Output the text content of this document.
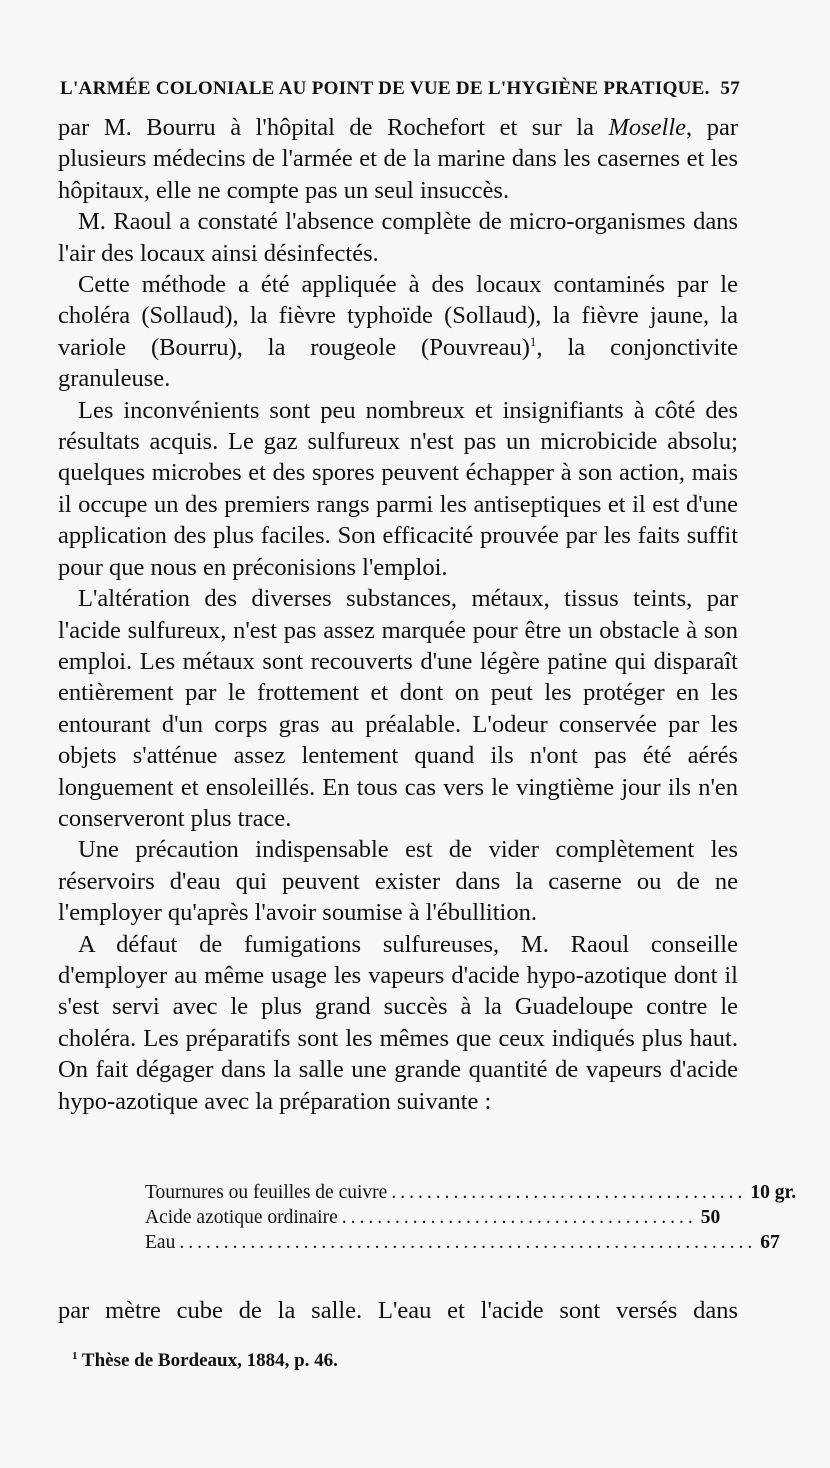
L'ARMÉE COLONIALE AU POINT DE VUE DE L'HYGIÈNE PRATIQUE. 57

par M. Bourru à l'hôpital de Rochefort et sur la Moselle, par plusieurs médecins de l'armée et de la marine dans les casernes et les hôpitaux, elle ne compte pas un seul insuccès.

M. Raoul a constaté l'absence complète de micro-organismes dans l'air des locaux ainsi désinfectés.

Cette méthode a été appliquée à des locaux contaminés par le choléra (Sollaud), la fièvre typhoïde (Sollaud), la fièvre jaune, la variole (Bourru), la rougeole (Pouvreau)$^1$, la conjonctivite granuleuse.

Les inconvénients sont peu nombreux et insignifiants à côté des résultats acquis. Le gaz sulfureux n'est pas un microbicide absolu; quelques microbes et des spores peuvent échapper à son action, mais il occupe un des premiers rangs parmi les antiseptiques et il est d'une application des plus faciles. Son efficacité prouvée par les faits suffit pour que nous en préconisions l'emploi.

L'altération des diverses substances, métaux, tissus teints, par l'acide sulfureux, n'est pas assez marquée pour être un obstacle à son emploi. Les métaux sont recouverts d'une légère patine qui disparaît entièrement par le frottement et dont on peut les protéger en les entourant d'un corps gras au préalable. L'odeur conservée par les objets s'atténue assez lentement quand ils n'ont pas été aérés longuement et ensoleillés. En tous cas vers le vingtième jour ils n'en conserveront plus trace.

Une précaution indispensable est de vider complètement les réservoirs d'eau qui peuvent exister dans la caserne ou de ne l'employer qu'après l'avoir soumise à l'ébullition.

A défaut de fumigations sulfureuses, M. Raoul conseille d'employer au même usage les vapeurs d'acide hypo-azotique dont il s'est servi avec le plus grand succès à la Guadeloupe contre le choléra. Les préparatifs sont les mêmes que ceux indiqués plus haut. On fait dégager dans la salle une grande quantité de vapeurs d'acide hypo-azotique avec la préparation suivante :

Tournures ou feuilles de cuivre ........................................ 10 gr.
Acide azotique ordinaire ........................................ 50
Eau ................................................................. 67
par mètre cube de la salle. L'eau et l'acide sont versés dans
$^1$ Thèse de Bordeaux, 1884, p. 46.
